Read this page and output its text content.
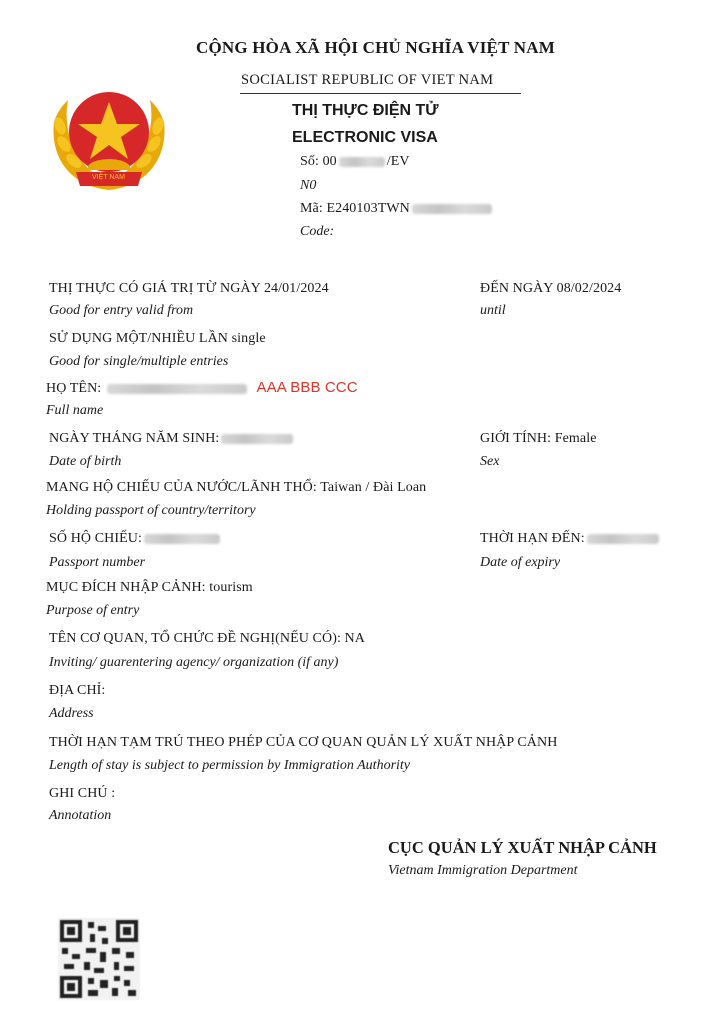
VIỆT NAM
CỘNG HÒA XÃ HỘI CHỦ NGHĨA VIỆT NAM
SOCIALIST REPUBLIC OF VIET NAM
THỊ THỰC ĐIỆN TỬ
ELECTRONIC VISA
Số: 00	/EV
N0
Mã: E240103TWN
Code:
THỊ THỰC CÓ GIÁ TRỊ TỪ NGÀY 24/01/2024
Good for entry valid from
ĐẾN NGÀY 08/02/2024
until
SỬ DỤNG MỘT/NHIỀU LẦN single
Good for single/multiple entries
HỌ TÊN:	AAA BBB CCC
Full name
NGÀY THÁNG NĂM SINH:
Date of birth
GIỚI TÍNH: Female
Sex
MANG HỘ CHIẾU CỦA NƯỚC/LÃNH THỔ: Taiwan / Đài Loan
Holding passport of country/territory
SỐ HỘ CHIẾU:
Passport number
THỜI HẠN ĐẾN:
Date of expiry
MỤC ĐÍCH NHẬP CẢNH: tourism
Purpose of entry
TÊN CƠ QUAN, TỔ CHỨC ĐỀ NGHỊ(NẾU CÓ): NA
Inviting/ guarentering agency/ organization (if any)
ĐỊA CHỈ:
Address
THỜI HẠN TẠM TRÚ THEO PHÉP CỦA CƠ QUAN QUẢN LÝ XUẤT NHẬP CẢNH
Length of stay is subject to permission by Immigration Authority
GHI CHÚ :
Annotation
CỤC QUẢN LÝ XUẤT NHẬP CẢNH
Vietnam Immigration Department
